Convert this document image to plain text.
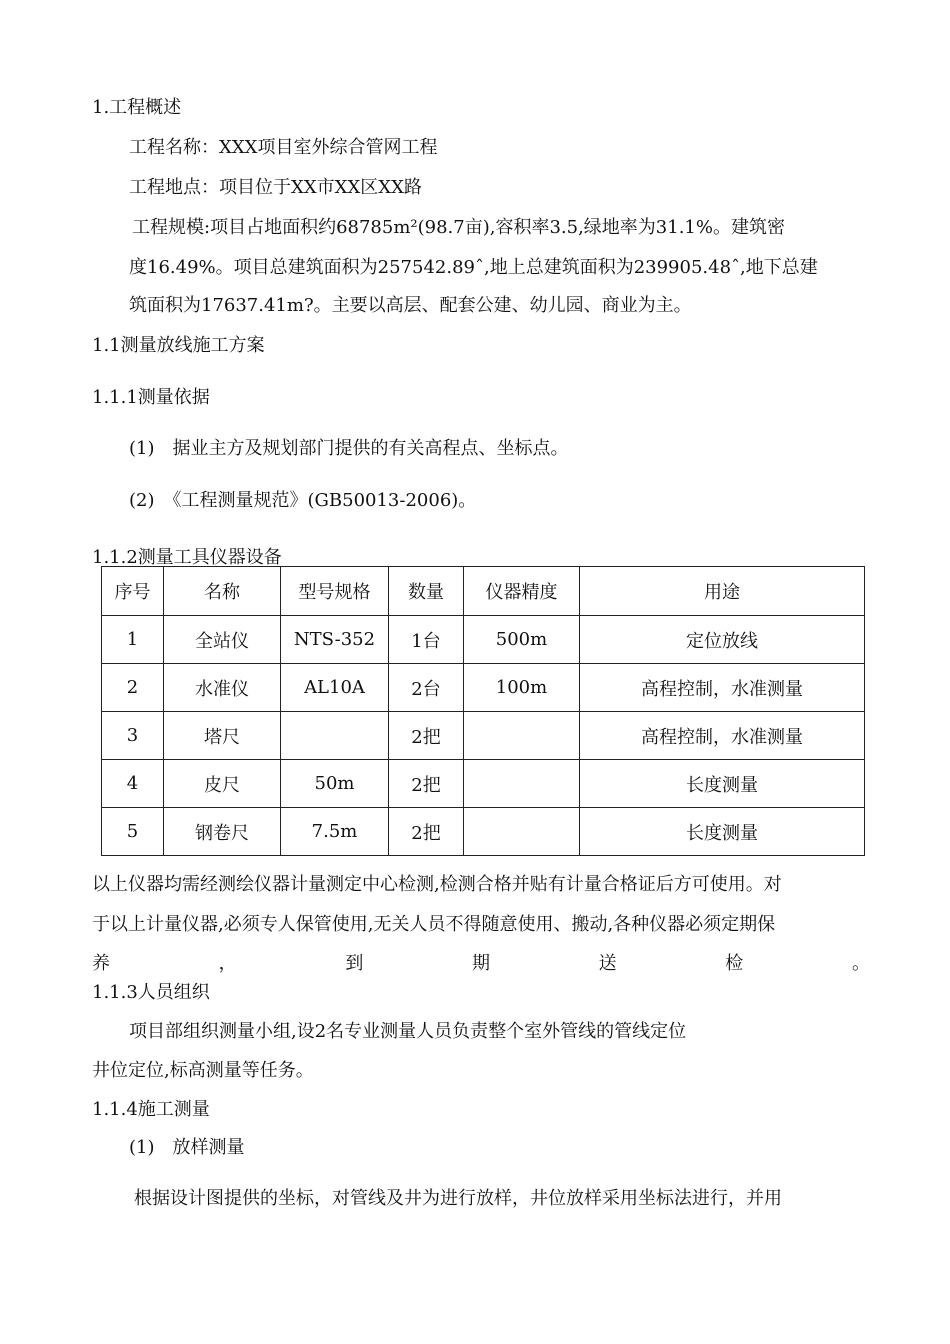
1.工程概述
工程名称：XXX项目室外综合管网工程
工程地点：项目位于XX市XX区XX路
工程规模:项目占地面积约68785m²(98.7亩),容积率3.5,绿地率为31.1%。建筑密
度16.49%。项目总建筑面积为257542.89ˆ,地上总建筑面积为239905.48ˆ,地下总建
筑面积为17637.41m?。主要以高层、配套公建、幼儿园、商业为主。
1.1测量放线施工方案
1.1.1测量依据
(1)　据业主方及规划部门提供的有关高程点、坐标点。
(2)　《工程测量规范》(GB50013-2006)。
1.1.2测量工具仪器设备
序号	名称	型号规格	数量	仪器精度	用途
1	全站仪	NTS-352	1台	500m	定位放线
2	水准仪	AL10A	2台	100m	高程控制，水准测量
3	塔尺		2把		高程控制，水准测量
4	皮尺	50m	2把		长度测量
5	钢卷尺	7.5m	2把		长度测量
以上仪器均需经测绘仪器计量测定中心检测,检测合格并贴有计量合格证后方可使用。对
于以上计量仪器,必须专人保管使用,无关人员不得随意使用、搬动,各种仪器必须定期保
养	，	到	期	送	检	。
1.1.3人员组织
项目部组织测量小组,设2名专业测量人员负责整个室外管线的管线定位
井位定位,标高测量等任务。
1.1.4施工测量
(1)　放样测量
根据设计图提供的坐标，对管线及井为进行放样，井位放样采用坐标法进行，并用
